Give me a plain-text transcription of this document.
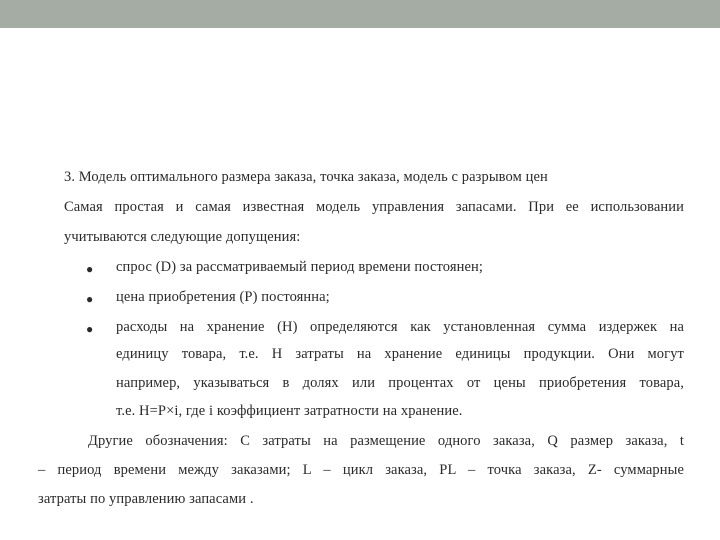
3. Модель оптимального размера заказа, точка заказа, модель с разрывом цен
Самая простая и самая известная модель управления запасами. При ее использовании
учитываются следующие допущения:
● спрос (D) за рассматриваемый период времени постоянен;
● цена приобретения (P) постоянна;
● расходы на хранение (H) определяются как установленная сумма издержек на
единицу товара, т.е. H затраты на хранение единицы продукции. Они могут
например, указываться в долях или процентах от цены приобретения товара,
т.е. H=P×i, где i коэффициент затратности на хранение.
Другие обозначения: C затраты на размещение одного заказа, Q размер заказа, t
– период времени между заказами; L – цикл заказа, PL – точка заказа, Z- суммарные
затраты по управлению запасами .
